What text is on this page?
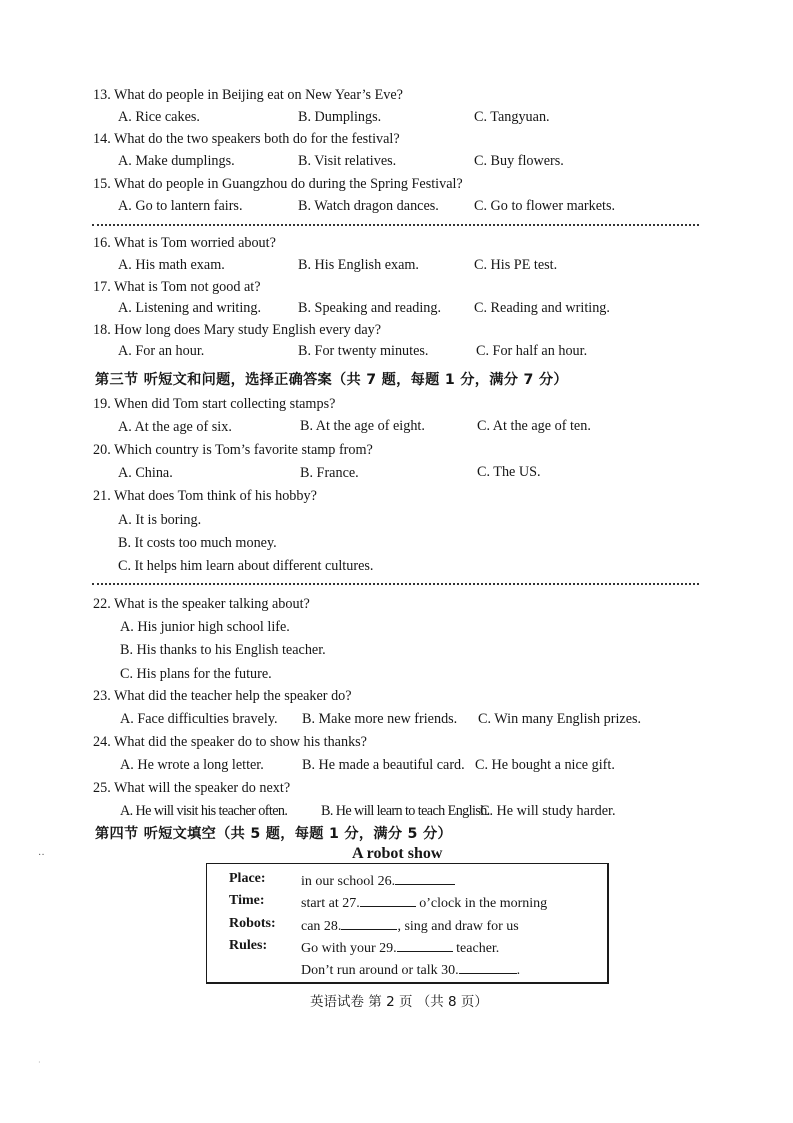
13. What do people in Beijing eat on New Year’s Eve?
A. Rice cakes.	B. Dumplings.	C. Tangyuan.
14. What do the two speakers both do for the festival?
A. Make dumplings.	B. Visit relatives.	C. Buy flowers.
15. What do people in Guangzhou do during the Spring Festival?
A. Go to lantern fairs.	B. Watch dragon dances. C. Go to flower markets.
16. What is Tom worried about?
A. His math exam.	B. His English exam.	C. His PE test.
17. What is Tom not good at?
A. Listening and writing.	B. Speaking and reading. C. Reading and writing.
18. How long does Mary study English every day?
A. For an hour.	B. For twenty minutes.	C. For half an hour.
第三节 听短文和问题，选择正确答案（共 7 题，每题 1 分，满分 7 分）
19. When did Tom start collecting stamps?
A. At the age of six.	B. At the age of eight.	C. At the age of ten.
20. Which country is Tom’s favorite stamp from?
A. China.	B. France.	C. The US.
21. What does Tom think of his hobby?
A. It is boring.
B. It costs too much money.
C. It helps him learn about different cultures.
22. What is the speaker talking about?
A. His junior high school life.
B. His thanks to his English teacher.
C. His plans for the future.
23. What did the teacher help the speaker do?
A. Face difficulties bravely. B. Make more new friends. C. Win many English prizes.
24. What did the speaker do to show his thanks?
A. He wrote a long letter.	B. He made a beautiful card. C. He bought a nice gift.
25. What will the speaker do next?
A. He will visit his teacher often. B. He will learn to teach English.
C. He will study harder.
第四节 听短文填空（共 5 题，每题 1 分，满分 5 分）
··	A robot show
Place:	in our school 26.
Time:	start at 27.	o’clock in the morning
Robots: can 28.	, sing and draw for us
Rules: Go with your 29.	teacher.
Don’t run around or talk 30.	.
英语试卷 第 2 页 （共 8 页）
·
